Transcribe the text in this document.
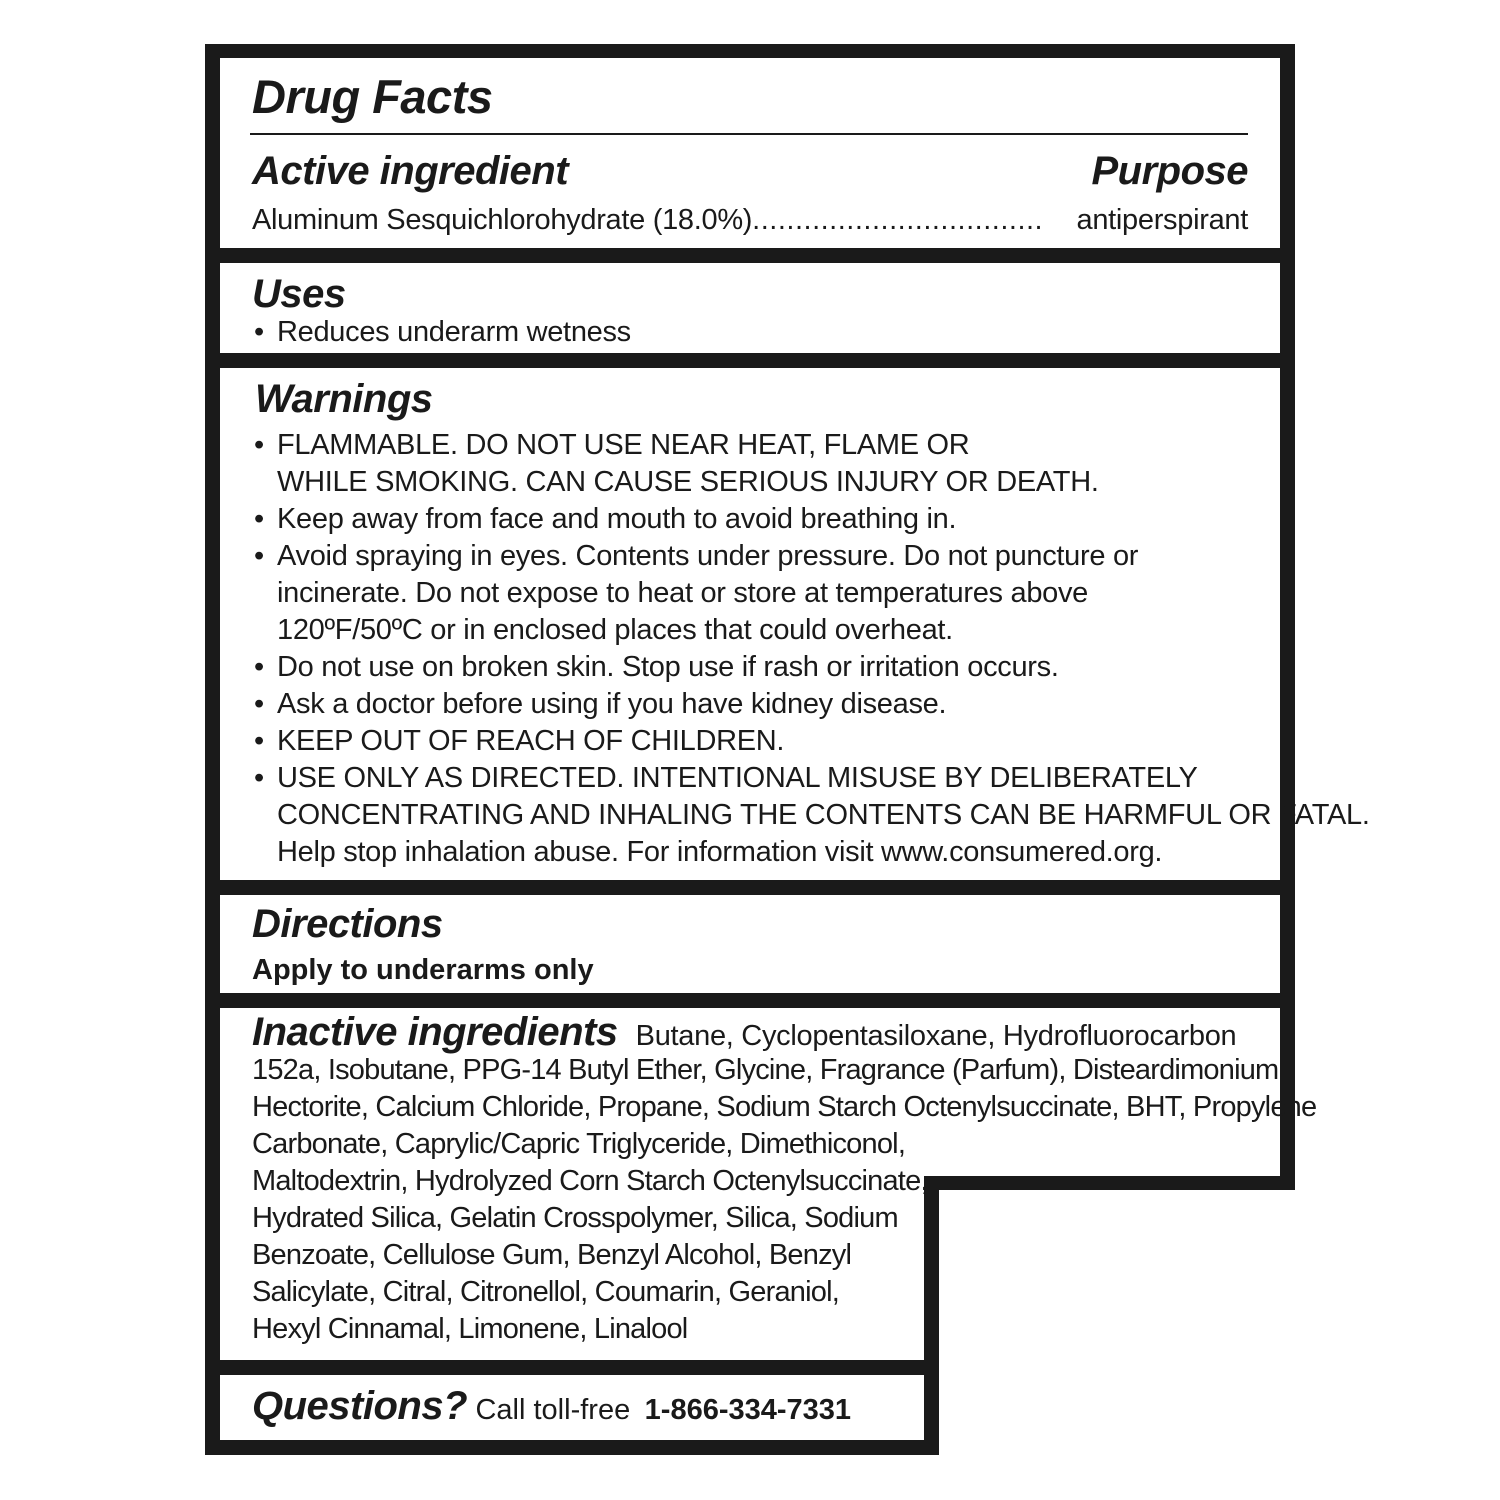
Drug Facts
Active ingredient	Purpose
Aluminum Sesquichlorohydrate (18.0%) ..................................	antiperspirant
Uses
• Reduces underarm wetness
Warnings
• FLAMMABLE. DO NOT USE NEAR HEAT, FLAME OR
WHILE SMOKING. CAN CAUSE SERIOUS INJURY OR DEATH.
• Keep away from face and mouth to avoid breathing in.
• Avoid spraying in eyes. Contents under pressure. Do not puncture or
incinerate. Do not expose to heat or store at temperatures above
120ºF/50ºC or in enclosed places that could overheat.
• Do not use on broken skin. Stop use if rash or irritation occurs.
• Ask a doctor before using if you have kidney disease.
• KEEP OUT OF REACH OF CHILDREN.
• USE ONLY AS DIRECTED. INTENTIONAL MISUSE BY DELIBERATELY
CONCENTRATING AND INHALING THE CONTENTS CAN BE HARMFUL OR FATAL.
Help stop inhalation abuse. For information visit www.consumered.org.
Directions
Apply to underarms only
Inactive ingredients Butane, Cyclopentasiloxane, Hydrofluorocarbon
152a, Isobutane, PPG-14 Butyl Ether, Glycine, Fragrance (Parfum), Disteardimonium
Hectorite, Calcium Chloride, Propane, Sodium Starch Octenylsuccinate, BHT, Propylene
Carbonate, Caprylic/Capric Triglyceride, Dimethiconol,
Maltodextrin, Hydrolyzed Corn Starch Octenylsuccinate,
Hydrated Silica, Gelatin Crosspolymer, Silica, Sodium
Benzoate, Cellulose Gum, Benzyl Alcohol, Benzyl
Salicylate, Citral, Citronellol, Coumarin, Geraniol,
Hexyl Cinnamal, Limonene, Linalool
Questions? Call toll-free 1-866-334-7331
